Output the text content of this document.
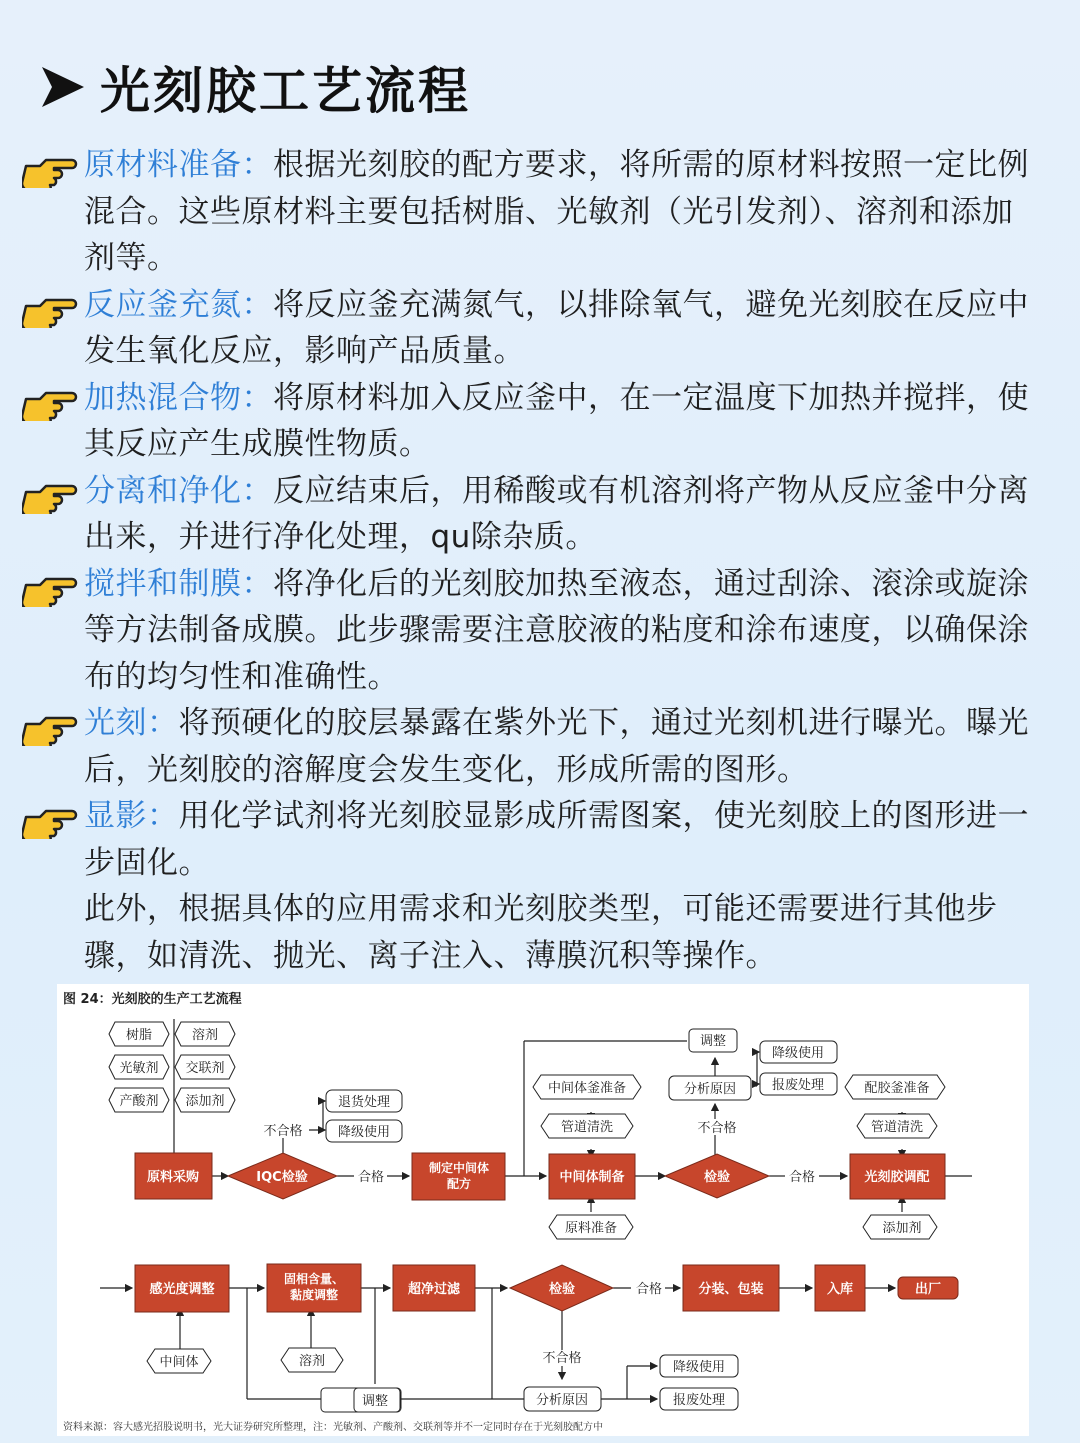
光刻胶工艺流程
原材料准备：根据光刻胶的配方要求，将所需的原材料按照一定比例混合。这些原材料主要包括树脂、光敏剂（光引发剂）、溶剂和添加剂等。
反应釜充氮：将反应釜充满氮气，以排除氧气，避免光刻胶在反应中发生氧化反应，影响产品质量。
加热混合物：将原材料加入反应釜中，在一定温度下加热并搅拌，使其反应产生成膜性物质。
分离和净化：反应结束后，用稀酸或有机溶剂将产物从反应釜中分离出来，并进行净化处理，qu除杂质。
搅拌和制膜：将净化后的光刻胶加热至液态，通过刮涂、滚涂或旋涂等方法制备成膜。此步骤需要注意胶液的粘度和涂布速度，以确保涂布的均匀性和准确性。
光刻：将预硬化的胶层暴露在紫外光下，通过光刻机进行曝光。曝光后，光刻胶的溶解度会发生变化，形成所需的图形。
显影：用化学试剂将光刻胶显影成所需图案，使光刻胶上的图形进一步固化。
此外，根据具体的应用需求和光刻胶类型，可能还需要进行其他步骤，如清洗、抛光、离子注入、薄膜沉积等操作。
图 24：光刻胶的生产工艺流程
树脂	溶剂
光敏剂 交联剂
产酸剂 添加剂
原料采购	IQC检验
制定中间体
配方	中间体制备	检验	光刻胶调配
感光度调整
固相含量、
黏度调整	超净过滤	检验	分装、包装	入库	出厂
退货处理
降级使用
调整
分析原因
降级使用
报废处理
调整	分析原因
降级使用
报废处理
中间体釜准备
管道清洗
原料准备
配胶釜准备
管道清洗
添加剂
中间体	溶剂
不合格
合格
不合格
合格
合格
不合格
资料来源：容大感光招股说明书，光大证券研究所整理，注：光敏剂、产酸剂、交联剂等并不一定同时存在于光刻胶配方中
